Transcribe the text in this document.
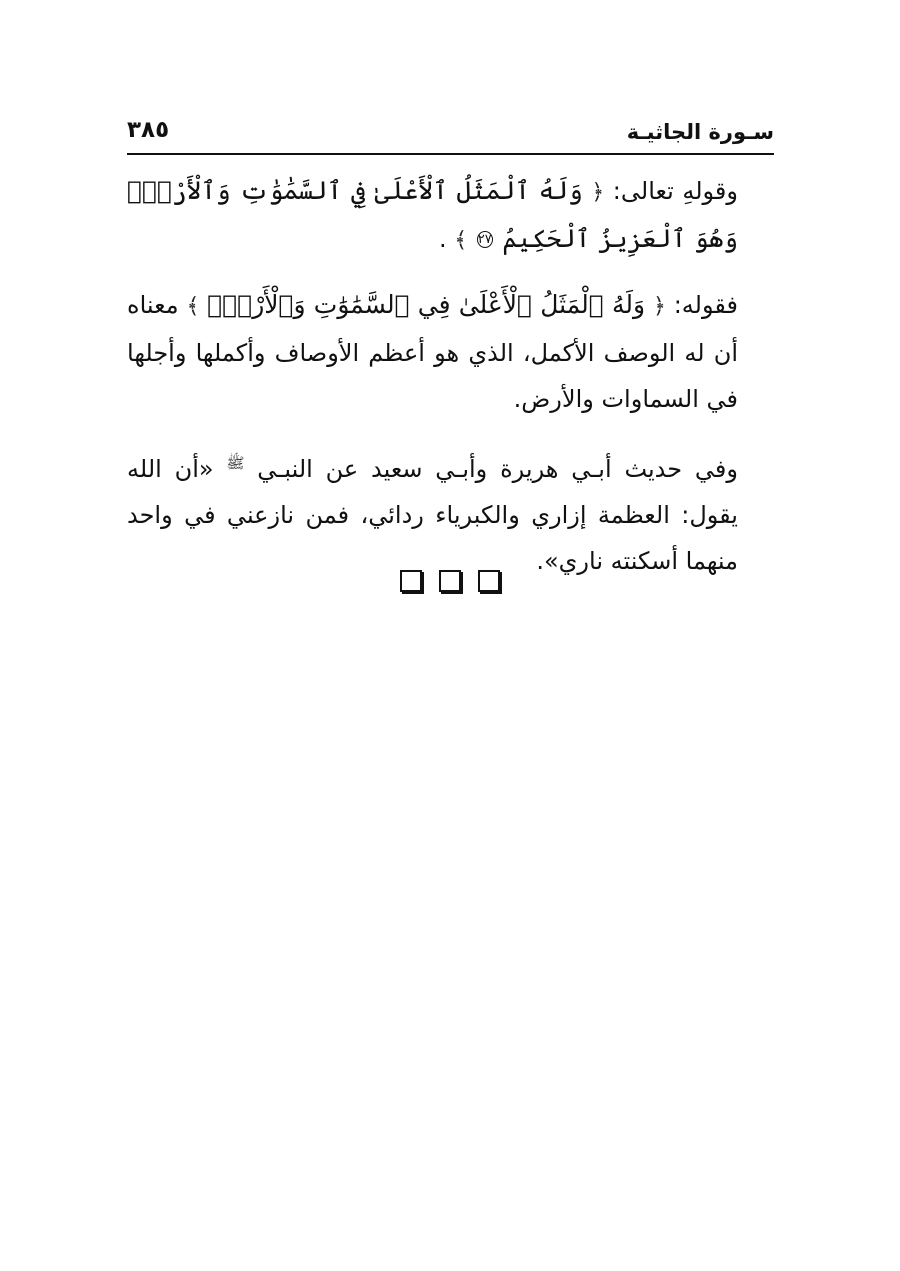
سـورة الجاثيـة
٣٨٥
وقولهِ تعالى: ﴿ وَلَهُ ٱلْمَثَلُ ٱلْأَعْلَىٰ فِي ٱلسَّمَٰوَٰتِ وَٱلْأَرْضِۚ وَهُوَ ٱلْعَزِيزُ ٱلْحَكِيمُ ٢٧ ﴾ .
فقوله: ﴿ وَلَهُ ٱلْمَثَلُ ٱلْأَعْلَىٰ فِي ٱلسَّمَٰوَٰتِ وَٱلْأَرْضِۚ ﴾ معناه أن له الوصف الأكمل، الذي هو أعظم الأوصاف وأكملها وأجلها في السماوات والأرض.
وفي حديث أبـي هريرة وأبـي سعيد عن النبـي $^ﷺ$ «أن الله يقول: العظمة إزاري والكبرياء ردائي، فمن نازعني في واحد منهما أسكنته ناري».
